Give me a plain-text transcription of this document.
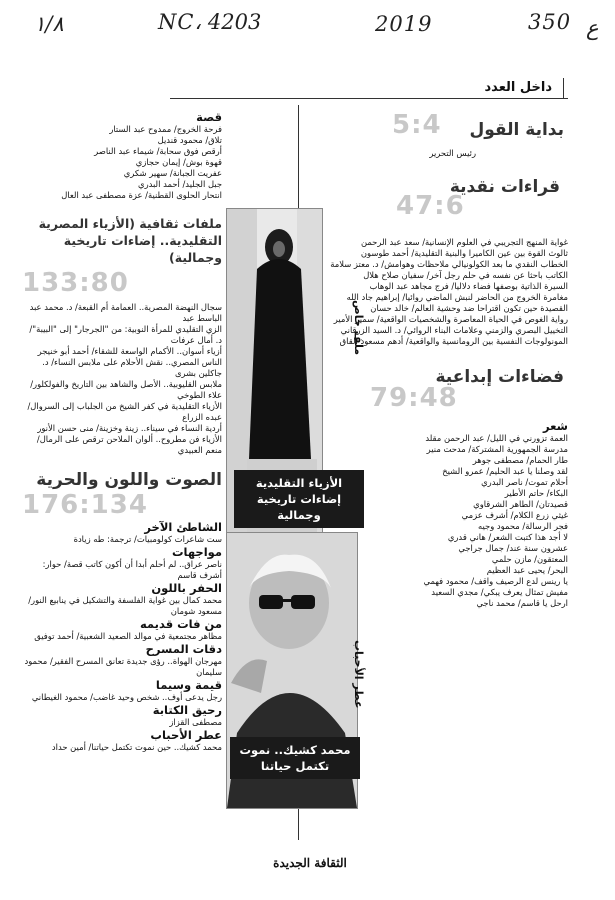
١/٨	NC، 4203	2019	350 ع
داخل العدد
5:4 بداية القول
رئيس التحرير
قراءات نقدية
47:6
غواية المنهج التجريبي في العلوم الإنسانية/ سعد عبد الرحمن
ثالوث القوة بين عين الكاميرا والبنية التقليدية/ أحمد طوسون
الخطاب النقدي ما بعد الكولونيالي ملاحظات وهوامش/ د. معتز سلامة
الكاتب باحثا عن نفسه في حلم رجل آخر/ سفيان صلاح هلال
السيرة الذاتية بوصفها فضاء دلاليا/ فرج مجاهد عبد الوهاب
مغامرة الخروج من الحاضر لنبش الماضي روائيا/ إبراهيم جاد الله
القصيدة حين تكون اقتراحا ضد وحشية العالم/ خالد حسان
رواية الغوص في الحياة المعاصرة والشخصيات الواقعية/ سمير الأمير
التخييل البصري والزمني وعلامات البناء الروائي/ د. السيد الزرقاني
المونولوجات النفسية بين الرومانسية والواقعية/ أدهم مسعود القاق
فضاءات إبداعية
79:48
شعر
العمة تزورني في الليل/ عبد الرحمن مقلد
مدرسة الجمهورية المشتركة/ مدحت منير
طار الحمام/ مصطفى جوهر
لقد وصلنا يا عبد الحليم/ عمرو الشيخ
أحلام تموت/ ناصر البدري
البكاء/ حاتم الأطير
قصيدتان/ الطاهر الشرقاوي
غيثي زرع الكلام/ أشرف عزمي
فجر الرسالة/ محمود وجيه
لا أجد هذا كتبت الشعر/ هاني قدري
عشرون سنة عند/ جمال جراجي
المعتقون/ مازن حلمي
البحر/ يحيى عبد العظيم
يا رينس لدع الرصيف واقف/ محمود فهمي
مفيش تمثال يعرف يبكي/ مجدي السعيد
ارحل يا قاسم/ محمد ناجي
الأزياء التقليدية إضاءات تاريخية وجمالية
ملف خاص
محمد كشيك.. نموت تكتمل حياتنا
عطر الأحباب
قصة
فرحة الخروج/ ممدوح عبد الستار
تلاق/ محمود قنديل
أرقص فوق سحابة/ شيماء عبد الناصر
قهوة بوش/ إيمان حجازي
عفريت الجبانة/ سهير شكري
جبل الجليد/ أحمد البدري
انتحار الحلوى القطنية/ عزة مصطفى عبد العال
ملفات ثقافية (الأزياء المصرية التقليدية.. إضاءات تاريخية وجمالية)
133:80
سجال النهضة المصرية.. العمامة أم القبعة/ د. محمد عبد الباسط عبد
الزي التقليدي للمرأة النوبية: من "الجرجار" إلى "البيبة"/ د. أمال عرفات
أزياء أسوان.. الأكمام الواسعة للشقاء/ أحمد أبو خنيجر
الناس المصري.. نقش الأحلام على ملابس النساء/ د. جاكلين بشرى
ملابس القليوبية.. الأصل والشاهد بين التاريخ والفولكلور/ علاء الطوخي
الأزياء التقليدية في كفر الشيخ من الجلباب إلى السروال/ عبده الزراع
أردية النساء في سيناء.. زينة وخزينة/ منى حسن الأنور
الأزياء فن مطروح.. ألوان الملاحن ترقص على الرمال/ منعم العبيدي
الصوت واللون والحرية
176:134
الشاطئ الآخر
ست شاعرات كولومبيات/ ترجمة: طه زيادة
مواجهات
ناصر عراق.. لم أحلم أبدا أن أكون كاتب قصة/ حوار: أشرف قاسم
الحفر باللون
محمد كمال بين غواية الفلسفة والتشكيل في ينابيع النور/ مسعود شومان
من فات قديمه
مظاهر مجتمعية في موالد الصعيد الشعبية/ أحمد توفيق
دقات المسرح
مهرجان الهواة.. رؤى جديدة تعانق المسرح الفقير/ محمود سليمان
قيمة وسيما
رجل يدعى أوف.. شخص وحيد غاضب/ محمود الغيطاني
رحيق الكتابة
مصطفى القزاز
عطر الأحباب
محمد كشيك.. حين نموت تكتمل حياتنا/ أمين حداد
الثقافة الجديدة
